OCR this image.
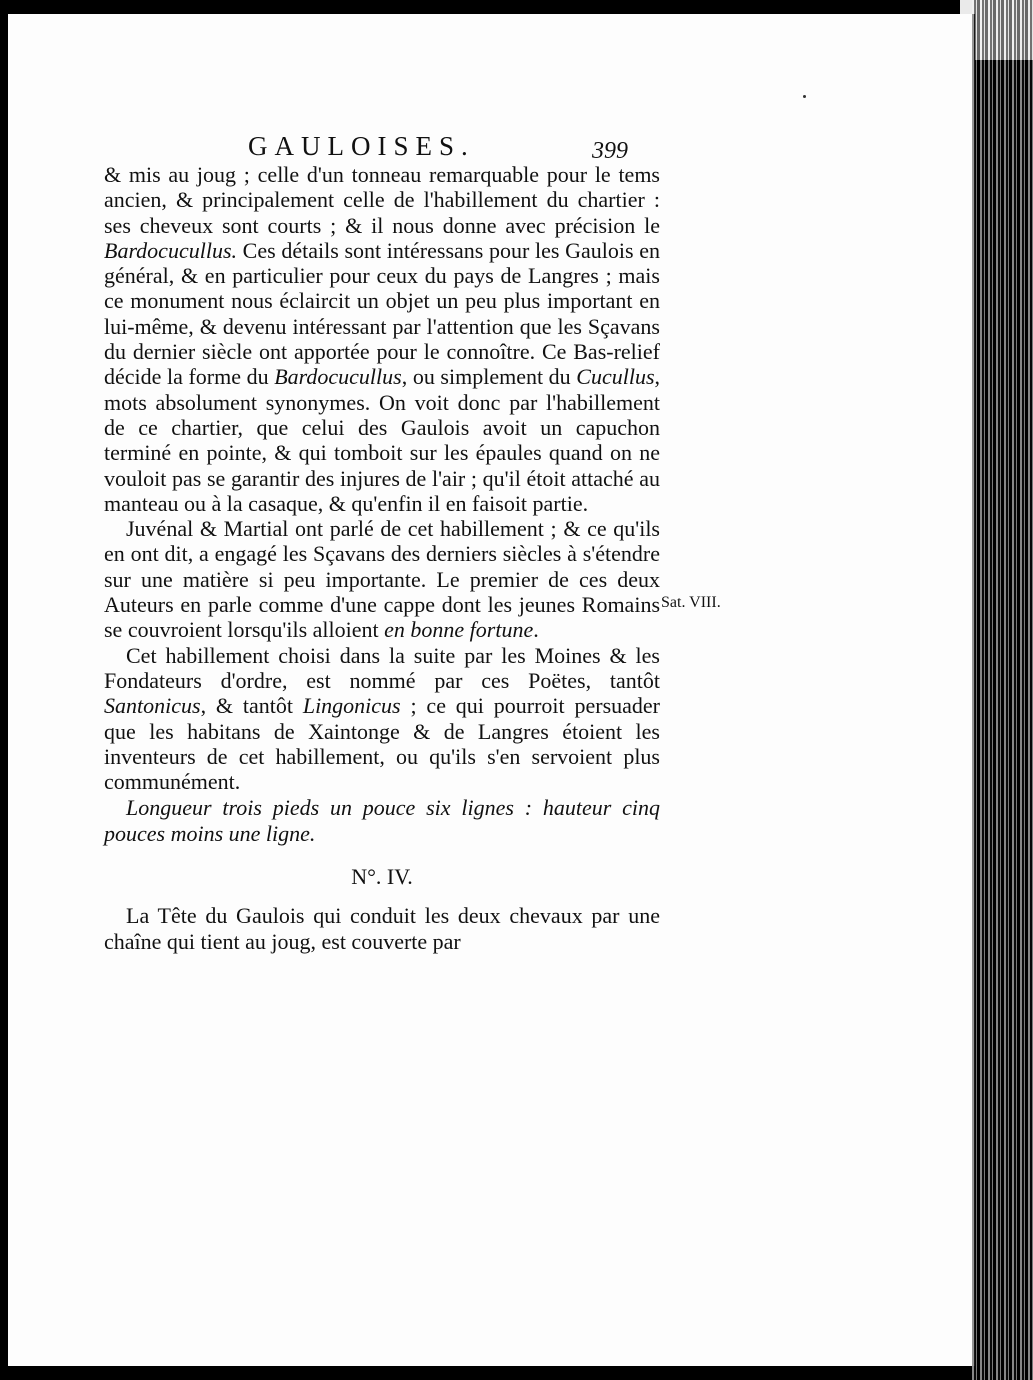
GAULOISES.	399

& mis au joug ; celle d'un tonneau remarquable pour le tems ancien, & principalement celle de l'habillement du chartier : ses cheveux sont courts ; & il nous donne avec précision le Bardocucullus. Ces détails sont intéressans pour les Gaulois en général, & en particulier pour ceux du pays de Langres ; mais ce monument nous éclaircit un objet un peu plus important en lui-même, & devenu intéressant par l'attention que les Sçavans du dernier siècle ont apportée pour le connoître. Ce Bas-relief décide la forme du Bardocucullus, ou simplement du Cucullus, mots absolument synonymes. On voit donc par l'habillement de ce chartier, que celui des Gaulois avoit un capuchon terminé en pointe, & qui tomboit sur les épaules quand on ne vouloit pas se garantir des injures de l'air ; qu'il étoit attaché au manteau ou à la casaque, & qu'enfin il en faisoit partie.

Juvénal & Martial ont parlé de cet habillement ; & ce qu'ils en ont dit, a engagé les Sçavans des derniers siècles à s'étendre sur une matière si peu importante. Le premier de ces deux Auteurs en parle comme d'une cappe dont les jeunes Romains se couvroient lorsqu'ils alloient en bonne fortune.

Cet habillement choisi dans la suite par les Moines & les Fondateurs d'ordre, est nommé par ces Poëtes, tantôt Santonicus, & tantôt Lingonicus ; ce qui pourroit persuader que les habitans de Xaintonge & de Langres étoient les inventeurs de cet habillement, ou qu'ils s'en servoient plus communément.

Longueur trois pieds un pouce six lignes : hauteur cinq pouces moins une ligne.

N°. IV.

La Tête du Gaulois qui conduit les deux chevaux par une chaîne qui tient au joug, est couverte par

Sat. VIII.
